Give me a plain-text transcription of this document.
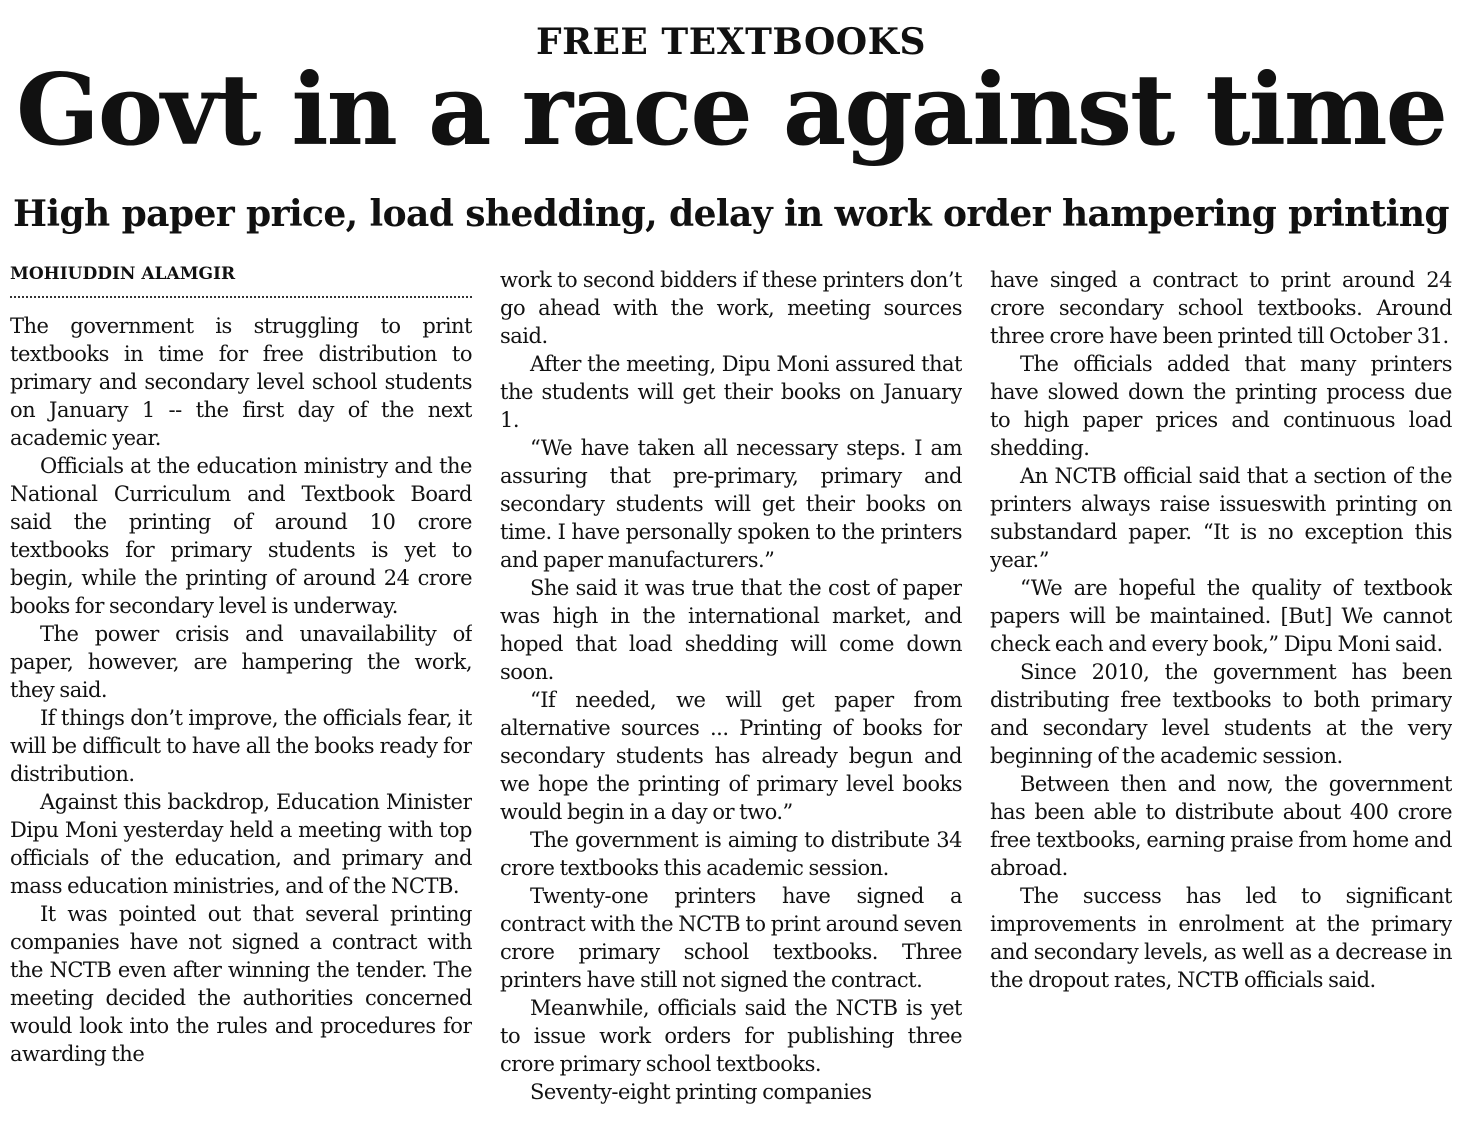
FREE TEXTBOOKS
Govt in a race against time
High paper price, load shedding, delay in work order hampering printing
MOHIUDDIN ALAMGIR

The government is struggling to print textbooks in time for free distribution to primary and secondary level school students on January 1 -- the first day of the next academic year.

Officials at the education ministry and the National Curriculum and Textbook Board said the printing of around 10 crore textbooks for primary students is yet to begin, while the printing of around 24 crore books for secondary level is underway.

The power crisis and unavailability of paper, however, are hampering the work, they said.

If things don’t improve, the officials fear, it will be difficult to have all the books ready for distribution.

Against this backdrop, Education Minister Dipu Moni yesterday held a meeting with top officials of the education, and primary and mass education ministries, and of the NCTB.

It was pointed out that several printing companies have not signed a contract with the NCTB even after winning the tender. The meeting decided the authorities concerned would look into the rules and procedures for awarding the

work to second bidders if these printers don’t go ahead with the work, meeting sources said.

After the meeting, Dipu Moni assured that the students will get their books on January 1.

“We have taken all necessary steps. I am assuring that pre-primary, primary and secondary students will get their books on time. I have personally spoken to the printers and paper manufacturers.”

She said it was true that the cost of paper was high in the international market, and hoped that load shedding will come down soon.

“If needed, we will get paper from alternative sources ... Printing of books for secondary students has already begun and we hope the printing of primary level books would begin in a day or two.”

The government is aiming to distribute 34 crore textbooks this academic session.

Twenty-one printers have signed a contract with the NCTB to print around seven crore primary school textbooks. Three printers have still not signed the contract.

Meanwhile, officials said the NCTB is yet to issue work orders for publishing three crore primary school textbooks.

Seventy-eight printing companies

have singed a contract to print around 24 crore secondary school textbooks. Around three crore have been printed till October 31.

The officials added that many printers have slowed down the printing process due to high paper prices and continuous load shedding.

An NCTB official said that a section of the printers always raise issueswith printing on substandard paper. “It is no exception this year.”

“We are hopeful the quality of textbook papers will be maintained. [But] We cannot check each and every book,” Dipu Moni said.

Since 2010, the government has been distributing free textbooks to both primary and secondary level students at the very beginning of the academic session.

Between then and now, the government has been able to distribute about 400 crore free textbooks, earning praise from home and abroad.

The success has led to significant improvements in enrolment at the primary and secondary levels, as well as a decrease in the dropout rates, NCTB officials said.
